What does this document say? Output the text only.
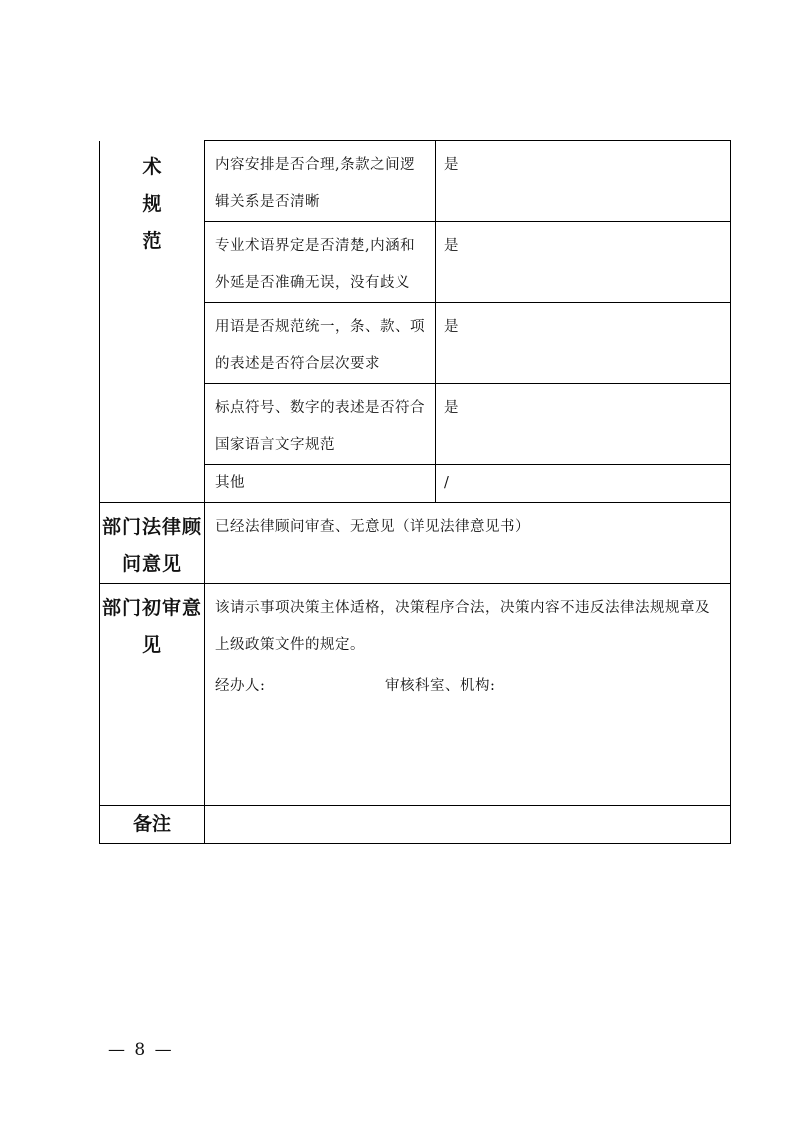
术
规
范	内容安排是否合理,条款之间逻辑关系是否清晰	是
	专业术语界定是否清楚,内涵和外延是否准确无误，没有歧义	是
	用语是否规范统一，条、款、项的表述是否符合层次要求	是
	标点符号、数字的表述是否符合国家语言文字规范	是
	其他	/

部门法律顾问意见	已经法律顾问审查、无意见（详见法律意见书）	

部门初审意见	该请示事项决策主体适格，决策程序合法，决策内容不违反法律法规规章及上级政策文件的规定。
经办人: 审核科室、机构:	

备注		

— 8 —
